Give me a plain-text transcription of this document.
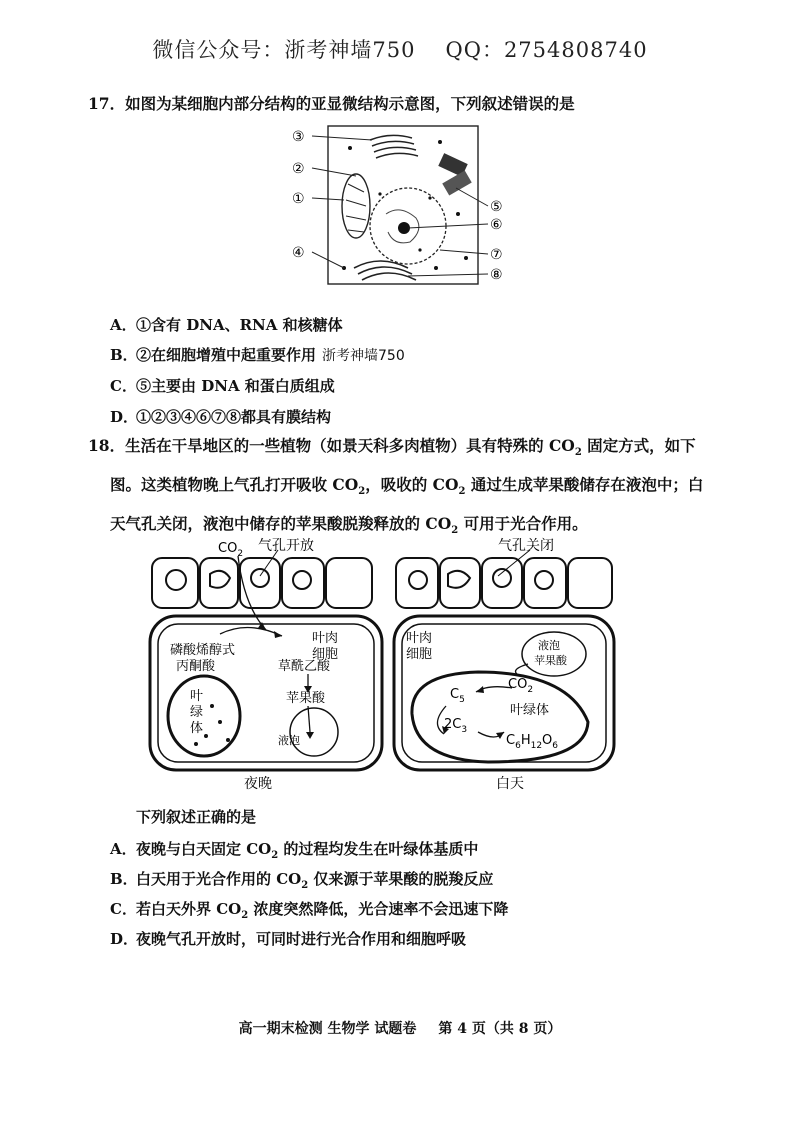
微信公众号：浙考神墙750 QQ：2754808740
17．如图为某细胞内部分结构的亚显微结构示意图，下列叙述错误的是
③
②
①
④
⑤
⑥
⑦
⑧
A．①含有 DNA、RNA 和核糖体
B．②在细胞增殖中起重要作用 浙考神墙750
C．⑤主要由 DNA 和蛋白质组成
D．①②③④⑥⑦⑧都具有膜结构
18．生活在干旱地区的一些植物（如景天科多肉植物）具有特殊的 $CO_2$ 固定方式，如下
图。这类植物晚上气孔打开吸收 $CO_2$，吸收的 $CO_2$ 通过生成苹果酸储存在液泡中；白
天气孔关闭，液泡中储存的苹果酸脱羧释放的 $CO_2$ 可用于光合作用。
$CO_2$ 气孔开放
叶肉
细胞
磷酸烯醇式
丙酮酸	草酰乙酸
苹果酸
液泡
叶
绿
体
夜晚
气孔关闭
叶肉
细胞
液泡
苹果酸
$CO_2$
$C_5$
$2C_3$
叶绿体
$C_6H_{12}O_6$
白天
下列叙述正确的是
A．夜晚与白天固定 $CO_2$ 的过程均发生在叶绿体基质中
B．白天用于光合作用的 $CO_2$ 仅来源于苹果酸的脱羧反应
C．若白天外界 $CO_2$ 浓度突然降低，光合速率不会迅速下降
D．夜晚气孔开放时，可同时进行光合作用和细胞呼吸
高一期末检测 生物学 试题卷 第 4 页（共 8 页）
